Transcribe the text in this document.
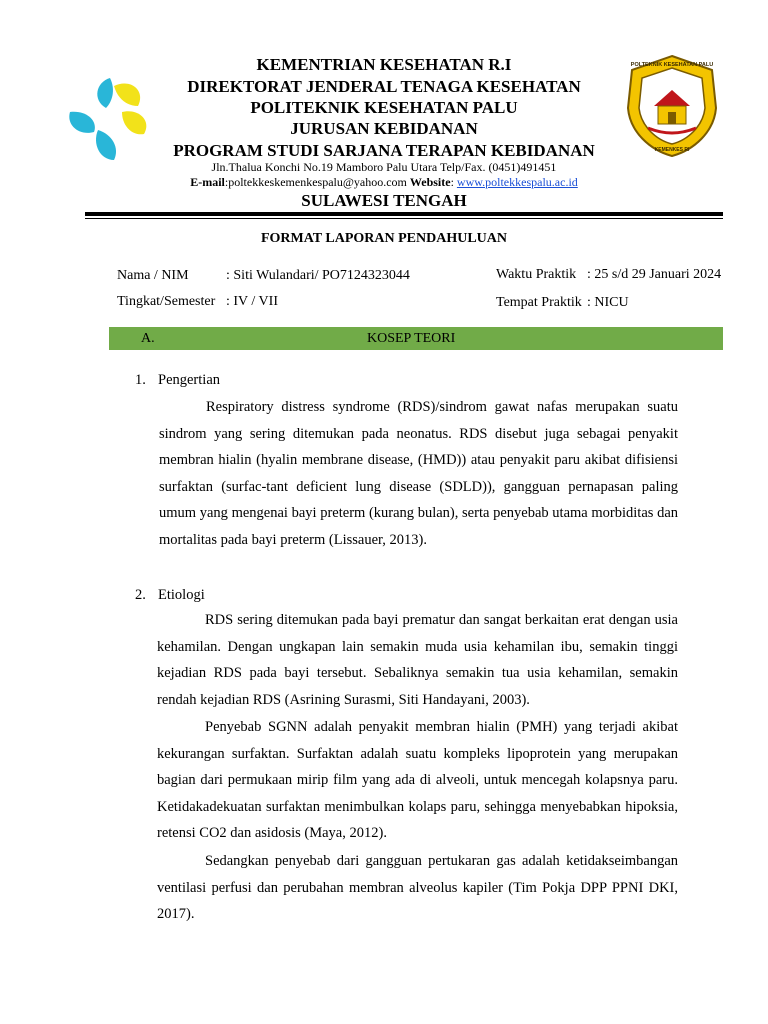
POLTEKNIK KESEHATAN PALU
KEMENKES RI
KEMENTRIAN KESEHATAN R.I
DIREKTORAT JENDERAL TENAGA KESEHATAN
POLITEKNIK KESEHATAN PALU
JURUSAN KEBIDANAN
PROGRAM STUDI SARJANA TERAPAN KEBIDANAN
Jln.Thalua Konchi No.19 Mamboro Palu Utara Telp/Fax. (0451)491451
E-mail:poltekkeskemenkespalu@yahoo.com Website: www.poltekkespalu.ac.id
SULAWESI TENGAH
FORMAT LAPORAN PENDAHULUAN
Nama / NIM	: Siti Wulandari/ PO7124323044
Tingkat/Semester : IV / VII
Waktu Praktik : 25 s/d 29 Januari 2024
Tempat Praktik : NICU
A.	KOSEP TEORI
1. Pengertian
Respiratory distress syndrome (RDS)/sindrom gawat nafas merupakan suatu sindrom yang sering ditemukan pada neonatus. RDS disebut juga sebagai penyakit membran hialin (hyalin membrane disease, (HMD)) atau penyakit paru akibat difisiensi surfaktan (surfac-tant deficient lung disease (SDLD)), gangguan pernapasan paling umum yang mengenai bayi preterm (kurang bulan), serta penyebab utama morbiditas dan mortalitas pada bayi preterm (Lissauer, 2013).
2. Etiologi
RDS sering ditemukan pada bayi prematur dan sangat berkaitan erat dengan usia kehamilan. Dengan ungkapan lain semakin muda usia kehamilan ibu, semakin tinggi kejadian RDS pada bayi tersebut. Sebaliknya semakin tua usia kehamilan, semakin rendah kejadian RDS (Asrining Surasmi, Siti Handayani, 2003).
Penyebab SGNN adalah penyakit membran hialin (PMH) yang terjadi akibat kekurangan surfaktan. Surfaktan adalah suatu kompleks lipoprotein yang merupakan bagian dari permukaan mirip film yang ada di alveoli, untuk mencegah kolapsnya paru. Ketidakadekuatan surfaktan menimbulkan kolaps paru, sehingga menyebabkan hipoksia, retensi CO2 dan asidosis (Maya, 2012).
Sedangkan penyebab dari gangguan pertukaran gas adalah ketidakseimbangan ventilasi perfusi dan perubahan membran alveolus kapiler (Tim Pokja DPP PPNI DKI, 2017).
